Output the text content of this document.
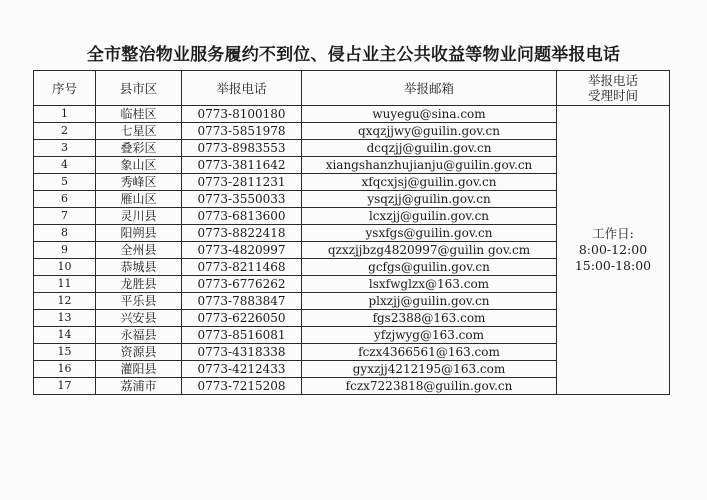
全市整治物业服务履约不到位、侵占业主公共收益等物业问题举报电话
序号	县市区	举报电话	举报邮箱	举报电话
受理时间

1	临桂区	0773-8100180	wuyegu@sina.com	工作日:
8:00-12:00
15:00-18:00

2	七星区	0773-5851978	qxqzjjwy@guilin.gov.cn	
3	叠彩区	0773-8983553	dcqzjj@guilin.gov.cn	
4	象山区	0773-3811642	xiangshanzhujianju@guilin.gov.cn	
5	秀峰区	0773-2811231	xfqcxjsj@guilin.gov.cn	
6	雁山区	0773-3550033	ysqzjj@guilin.gov.cn	
7	灵川县	0773-6813600	lcxzjj@guilin.gov.cn	
8	阳朔县	0773-8822418	ysxfgs@guilin.gov.cn	
9	全州县	0773-4820997	qzxzjjbzg4820997@guilin gov.cm	
10	恭城县	0773-8211468	gcfgs@guilin.gov.cn	
11	龙胜县	0773-6776262	lsxfwglzx@163.com	
12	平乐县	0773-7883847	plxzjj@guilin.gov.cn	
13	兴安县	0773-6226050	fgs2388@163.com	
14	永福县	0773-8516081	yfzjwyg@163.com	
15	资源县	0773-4318338	fczx4366561@163.com	
16	灌阳县	0773-4212433	gyxzjj4212195@163.com	
17	荔浦市	0773-7215208	fczx7223818@guilin.gov.cn	
